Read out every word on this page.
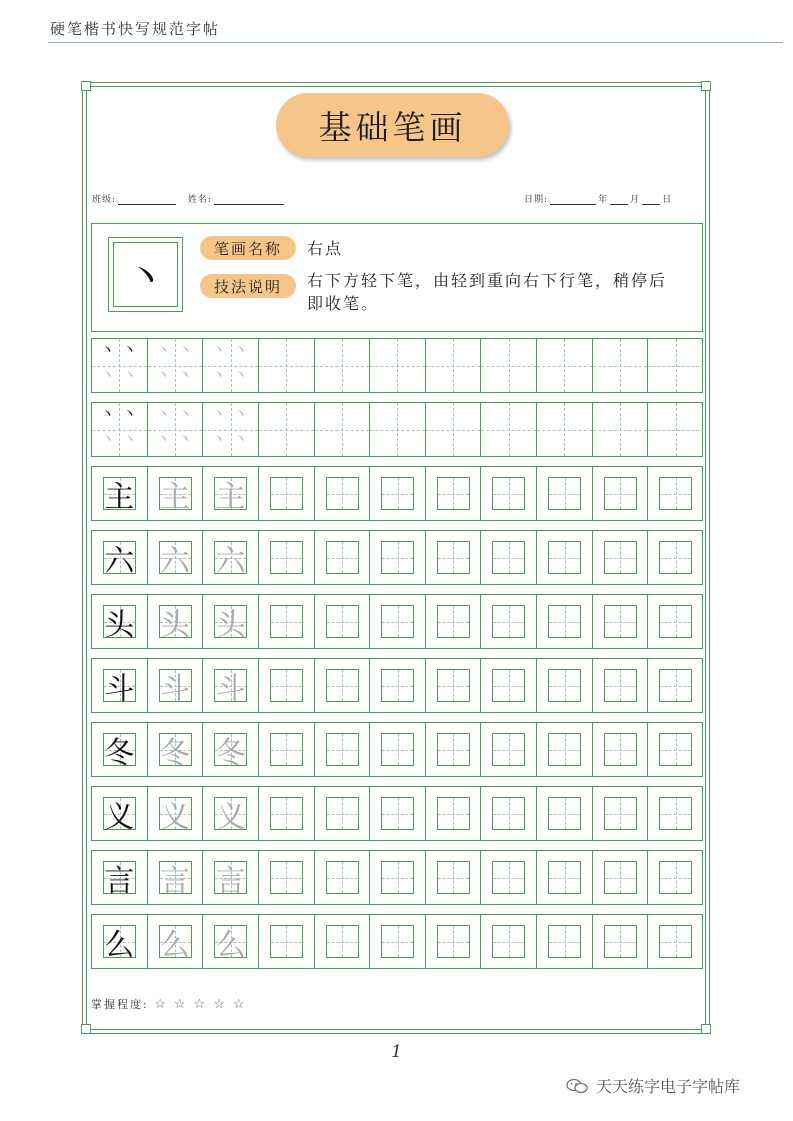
硬笔楷书快写规范字帖
基础笔画
班级:	姓名:	日期:	年 月 日
丶
笔画名称	右点
技法说明	右下方轻下笔，由轻到重向右下行笔，稍停后
即收笔。
丶 丶
丶 丶
丶 丶
丶 丶
丶 丶
丶 丶
丶 丶
丶 丶
丶 丶
丶 丶
丶 丶
丶 丶
主 主 主
六 六 六
头 头 头
斗 斗 斗
冬 冬 冬
义 义 义
言 言 言
么 么 么
掌握程度: ☆ ☆ ☆ ☆ ☆
1
天天练字电子字帖库
